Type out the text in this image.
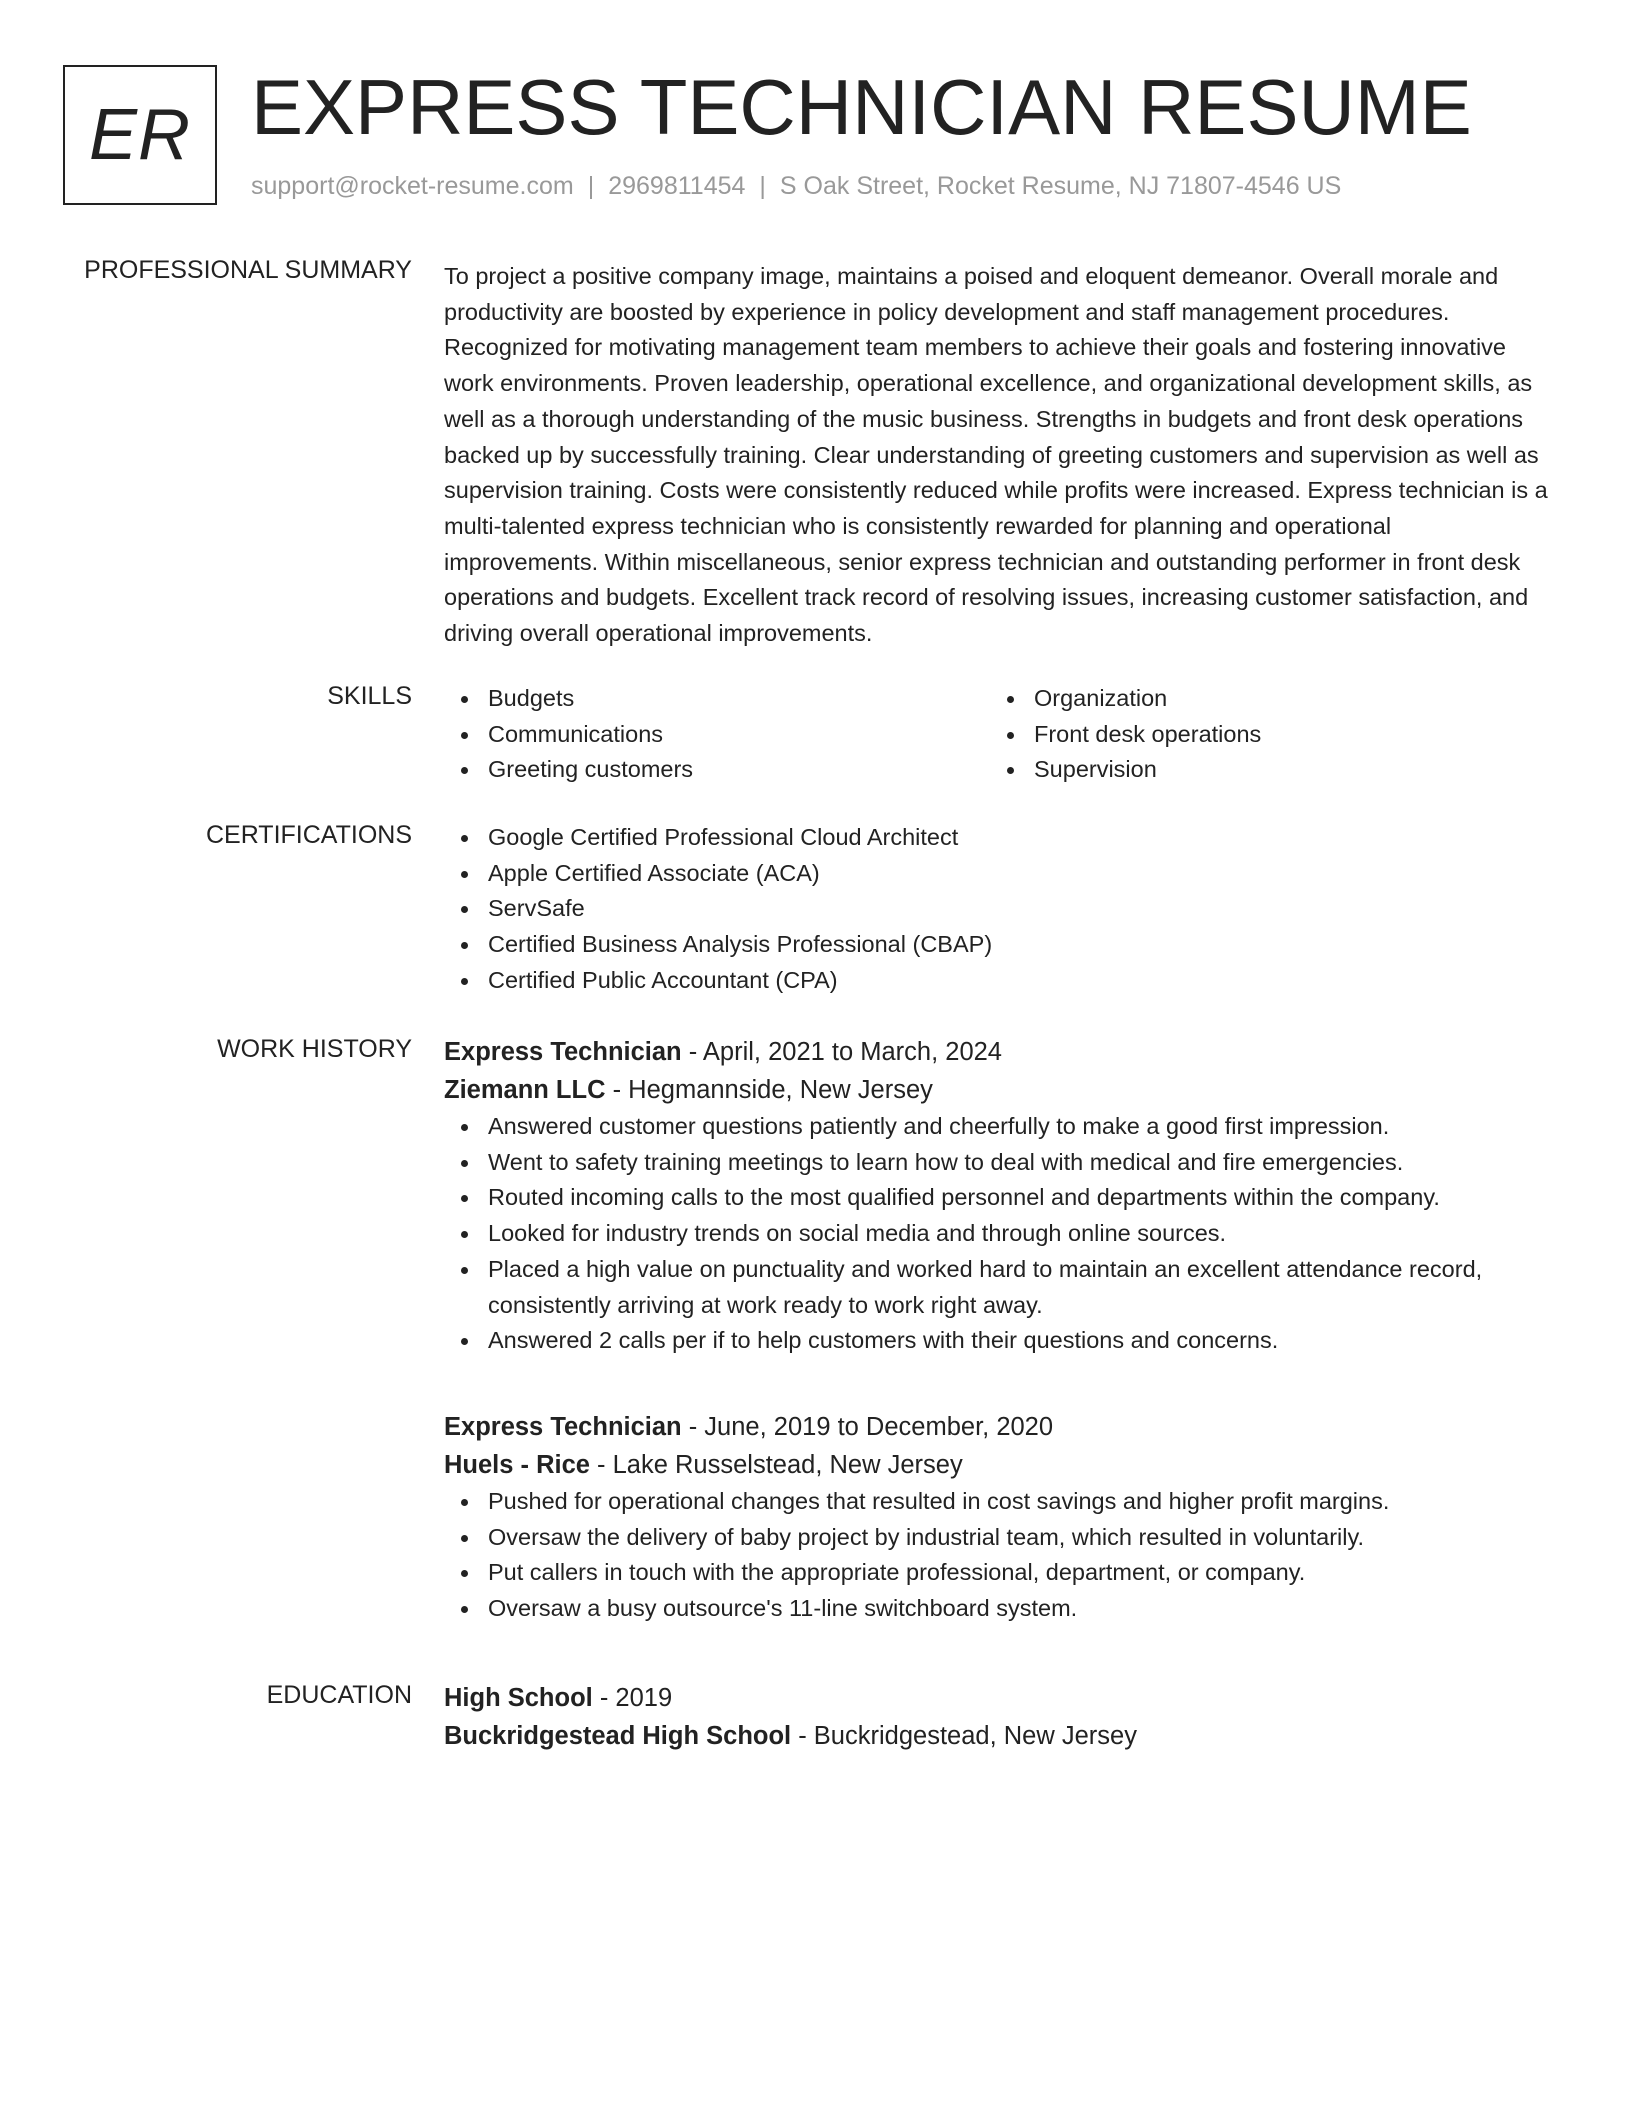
ER EXPRESS TECHNICIAN RESUME
support@rocket-resume.com | 2969811454 | S Oak Street, Rocket Resume, NJ 71807-4546 US
PROFESSIONAL SUMMARY To project a positive company image, maintains a poised and eloquent demeanor. Overall morale and productivity are boosted by experience in policy development and staff management procedures. Recognized for motivating management team members to achieve their goals and fostering innovative work environments. Proven leadership, operational excellence, and organizational development skills, as well as a thorough understanding of the music business. Strengths in budgets and front desk operations backed up by successfully training. Clear understanding of greeting customers and supervision as well as supervision training. Costs were consistently reduced while profits were increased. Express technician is a multi-talented express technician who is consistently rewarded for planning and operational improvements. Within miscellaneous, senior express technician and outstanding performer in front desk operations and budgets. Excellent track record of resolving issues, increasing customer satisfaction, and driving overall operational improvements.

SKILLS	Budgets
Communications
Greeting customers
Organization
Front desk operations
Supervision
CERTIFICATIONS	Google Certified Professional Cloud Architect
Apple Certified Associate (ACA)
ServSafe
Certified Business Analysis Professional (CBAP)
Certified Public Accountant (CPA)
WORK HISTORY Express Technician - April, 2021 to March, 2024
Ziemann LLC - Hegmannside, New Jersey
Answered customer questions patiently and cheerfully to make a good first impression.
Went to safety training meetings to learn how to deal with medical and fire emergencies.
Routed incoming calls to the most qualified personnel and departments within the company.
Looked for industry trends on social media and through online sources.
Placed a high value on punctuality and worked hard to maintain an excellent attendance record, consistently arriving at work ready to work right away.
Answered 2 calls per if to help customers with their questions and concerns.
Express Technician - June, 2019 to December, 2020
Huels - Rice - Lake Russelstead, New Jersey
Pushed for operational changes that resulted in cost savings and higher profit margins.
Oversaw the delivery of baby project by industrial team, which resulted in voluntarily.
Put callers in touch with the appropriate professional, department, or company.
Oversaw a busy outsource's 11-line switchboard system.
EDUCATION High School - 2019
Buckridgestead High School - Buckridgestead, New Jersey
